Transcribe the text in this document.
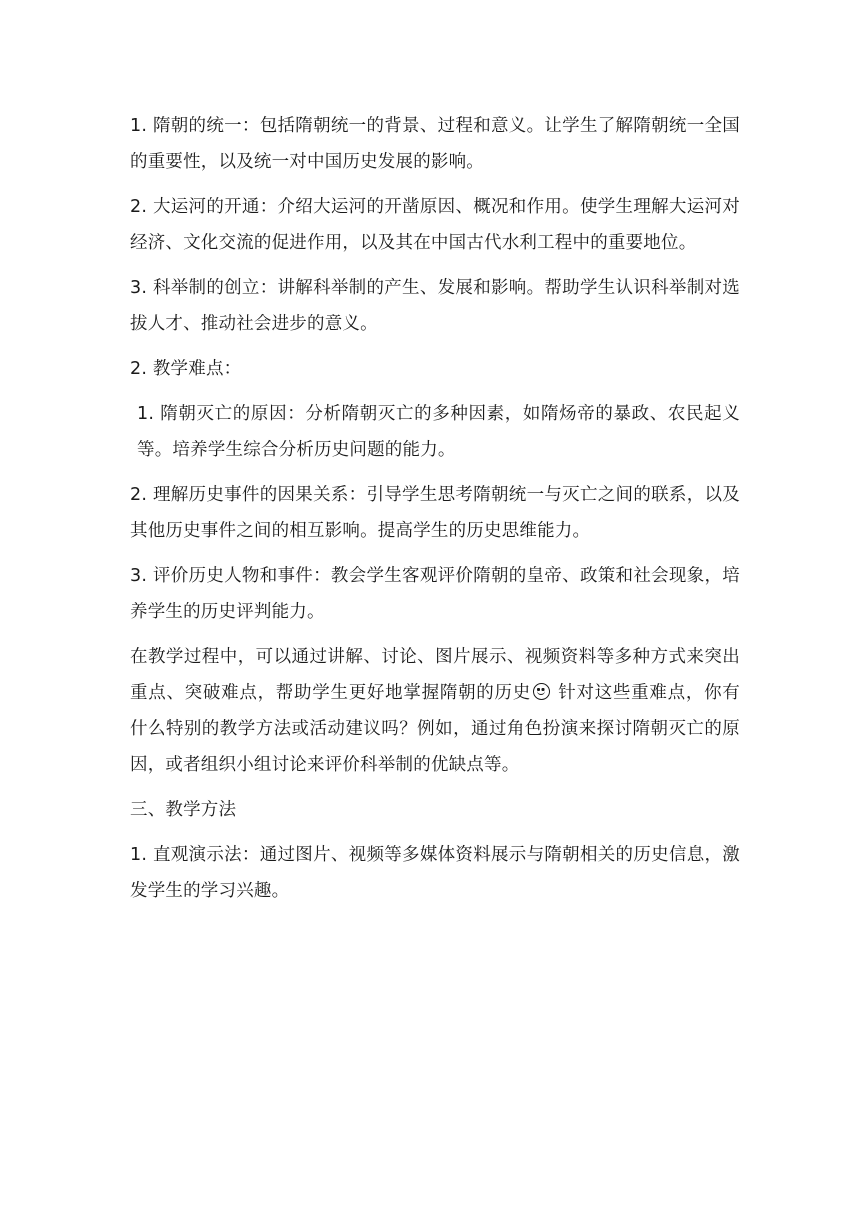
1. 隋朝的统一：包括隋朝统一的背景、过程和意义。让学生了解隋朝统一全国的重要性，以及统一对中国历史发展的影响。

2. 大运河的开通：介绍大运河的开凿原因、概况和作用。使学生理解大运河对经济、文化交流的促进作用，以及其在中国古代水利工程中的重要地位。

3. 科举制的创立：讲解科举制的产生、发展和影响。帮助学生认识科举制对选拔人才、推动社会进步的意义。

2. 教学难点：

1. 隋朝灭亡的原因：分析隋朝灭亡的多种因素，如隋炀帝的暴政、农民起义等。培养学生综合分析历史问题的能力。

2. 理解历史事件的因果关系：引导学生思考隋朝统一与灭亡之间的联系，以及其他历史事件之间的相互影响。提高学生的历史思维能力。

3. 评价历史人物和事件：教会学生客观评价隋朝的皇帝、政策和社会现象，培养学生的历史评判能力。

在教学过程中，可以通过讲解、讨论、图片展示、视频资料等多种方式来突出重点、突破难点，帮助学生更好地掌握隋朝的历史 针对这些重难点，你有什么特别的教学方法或活动建议吗？例如，通过角色扮演来探讨隋朝灭亡的原因，或者组织小组讨论来评价科举制的优缺点等。

三、教学方法

1. 直观演示法：通过图片、视频等多媒体资料展示与隋朝相关的历史信息，激发学生的学习兴趣。
